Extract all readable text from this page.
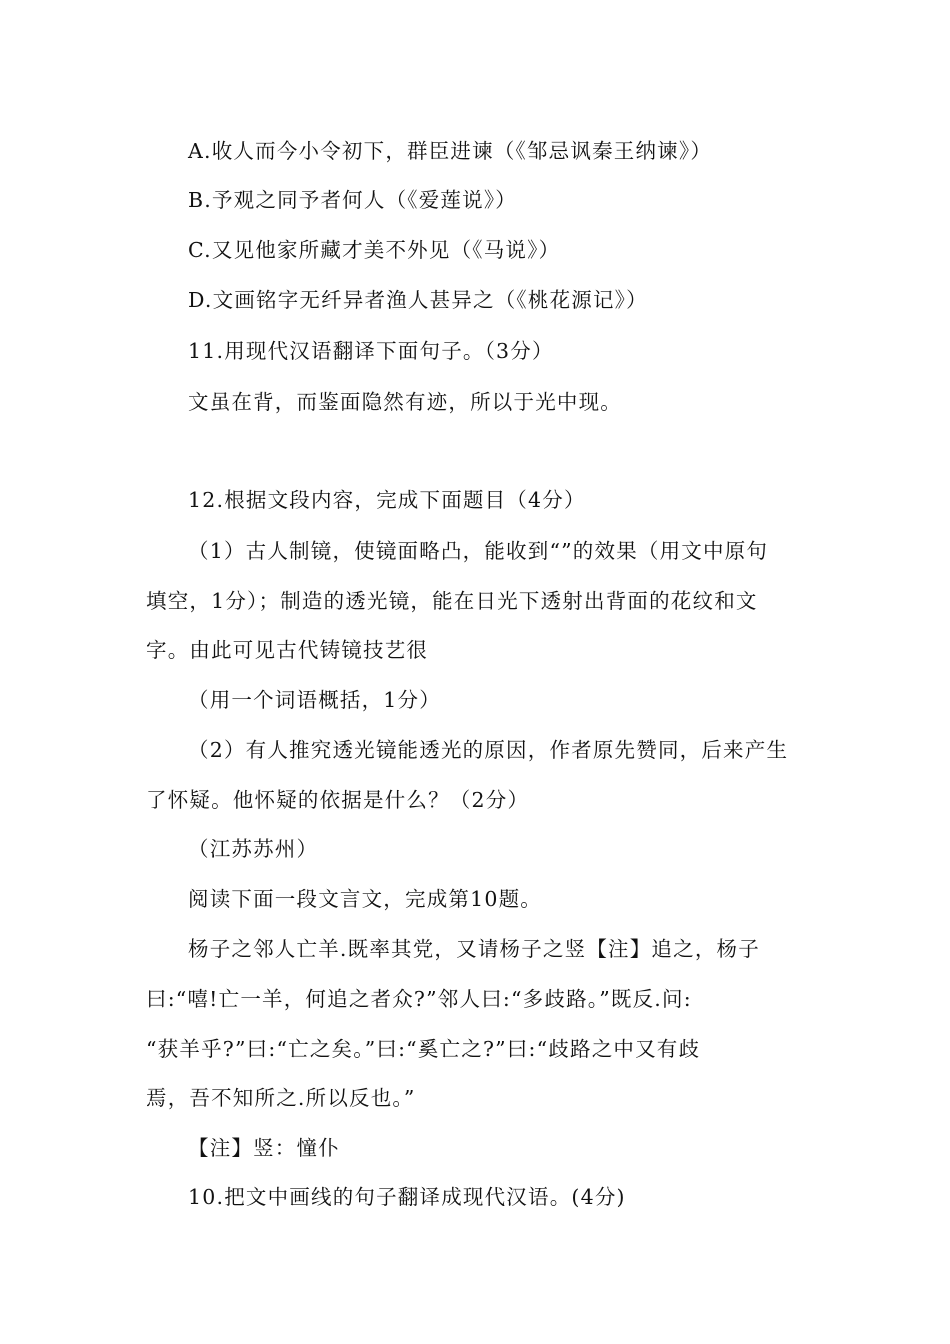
A.收人而今小令初下，群臣进谏（《邹忌讽秦王纳谏》）

B.予观之同予者何人（《爱莲说》）

C.又见他家所藏才美不外见（《马说》）

D.文画铭字无纤异者渔人甚异之（《桃花源记》）

11.用现代汉语翻译下面句子。（3分）

文虽在背，而鉴面隐然有迹，所以于光中现。

12.根据文段内容，完成下面题目（4分）

（1）古人制镜，使镜面略凸，能收到“”的效果（用文中原句

填空，1分）；制造的透光镜，能在日光下透射出背面的花纹和文

字。由此可见古代铸镜技艺很

（用一个词语概括，1分）

（2）有人推究透光镜能透光的原因，作者原先赞同，后来产生

了怀疑。他怀疑的依据是什么？（2分）

（江苏苏州）

阅读下面一段文言文，完成第10题。

杨子之邻人亡羊.既率其党，又请杨子之竖【注】追之，杨子

曰:“嘻!亡一羊，何追之者众?”邻人曰:“多歧路。”既反.问:

“获羊乎?”曰:“亡之矣。”曰:“奚亡之?”曰:“歧路之中又有歧

焉，吾不知所之.所以反也。”

【注】竖：憧仆

10.把文中画线的句子翻译成现代汉语。(4分)
